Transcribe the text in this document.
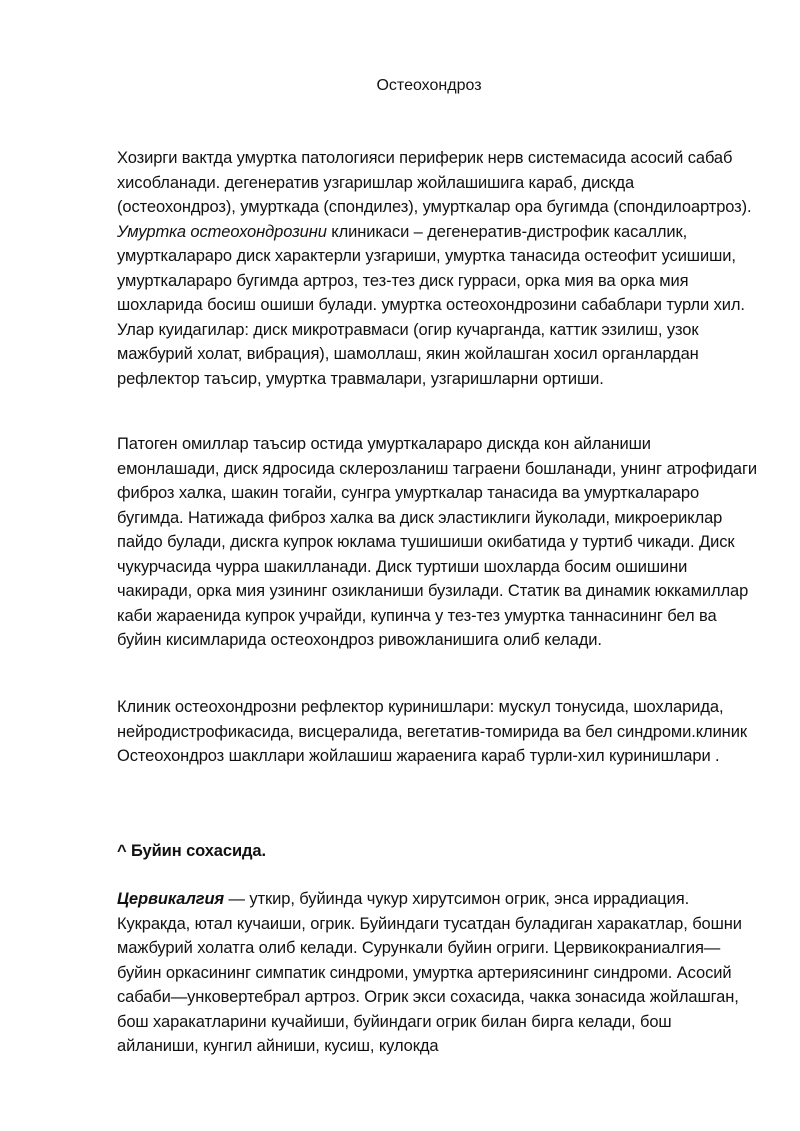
Остеохондроз

Хозирги вактда умуртка патологияси периферик нерв системасида асосий сабаб хисобланади. дегенератив узгаришлар жойлашишига караб, дискда (остеохондроз), умурткада (спондилез), умурткалар ора бугимда (спондилоартроз). Умуртка остеохондрозини клиникаси – дегенератив-дистрофик касаллик, умурткалараро диск характерли узгариши, умуртка танасида остеофит усишиши, умурткалараро бугимда артроз, тез-тез диск гурраси, орка мия ва орка мия шохларида босиш ошиши булади. умуртка остеохондрозини сабаблари турли хил. Улар куидагилар: диск микротравмаси (огир кучарганда, каттик эзилиш, узок мажбурий холат, вибрация), шамоллаш, якин жойлашган хосил органлардан рефлектор таъсир, умуртка травмалари, узгаришларни ортиши.

Патоген омиллар таъсир остида умурткалараро дискда кон айланиши емонлашади, диск ядросида склерозланиш таграени бошланади, унинг атрофидаги фиброз халка, шакин тогайи, сунгра умурткалар танасида ва умурткалараро бугимда. Натижада фиброз халка ва диск эластиклиги йуколади, микроериклар пайдо булади, дискга купрок юклама тушишиши окибатида у туртиб чикади. Диск чукурчасида чурра шакилланади. Диск туртиши шохларда босим ошишини чакиради, орка мия узининг озикланиши бузилади. Статик ва динамик юккамиллар каби жараенида купрок учрайди, купинча у тез-тез умуртка таннасининг бел ва буйин кисимларида остеохондроз ривожланишига олиб келади.

Клиник остеохондрозни рефлектор куринишлари: мускул тонусида, шохларида, нейродистрофикасида, висцералида, вегетатив-томирида ва бел синдроми.клиник Остеохондроз шакллари жойлашиш жараенига караб турли-хил куринишлари .

^ Буйин сохасида.

Цервикалгия — уткир, буйинда чукур хирутсимон огрик, энса иррадиация. Кукракда, ютал кучаиши, огрик. Буйиндаги тусатдан буладиган харакатлар, бошни мажбурий холатга олиб келади. Сурункали буйин огриги. Цервикокраниалгия—буйин оркасининг симпатик синдроми, умуртка артериясининг синдроми. Асосий сабаби—унковертебрал артроз. Огрик экси сохасида, чакка зонасида жойлашган, бош харакатларини кучайиши, буйиндаги огрик билан бирга келади, бош айланиши, кунгил айниши, кусиш, кулокда
